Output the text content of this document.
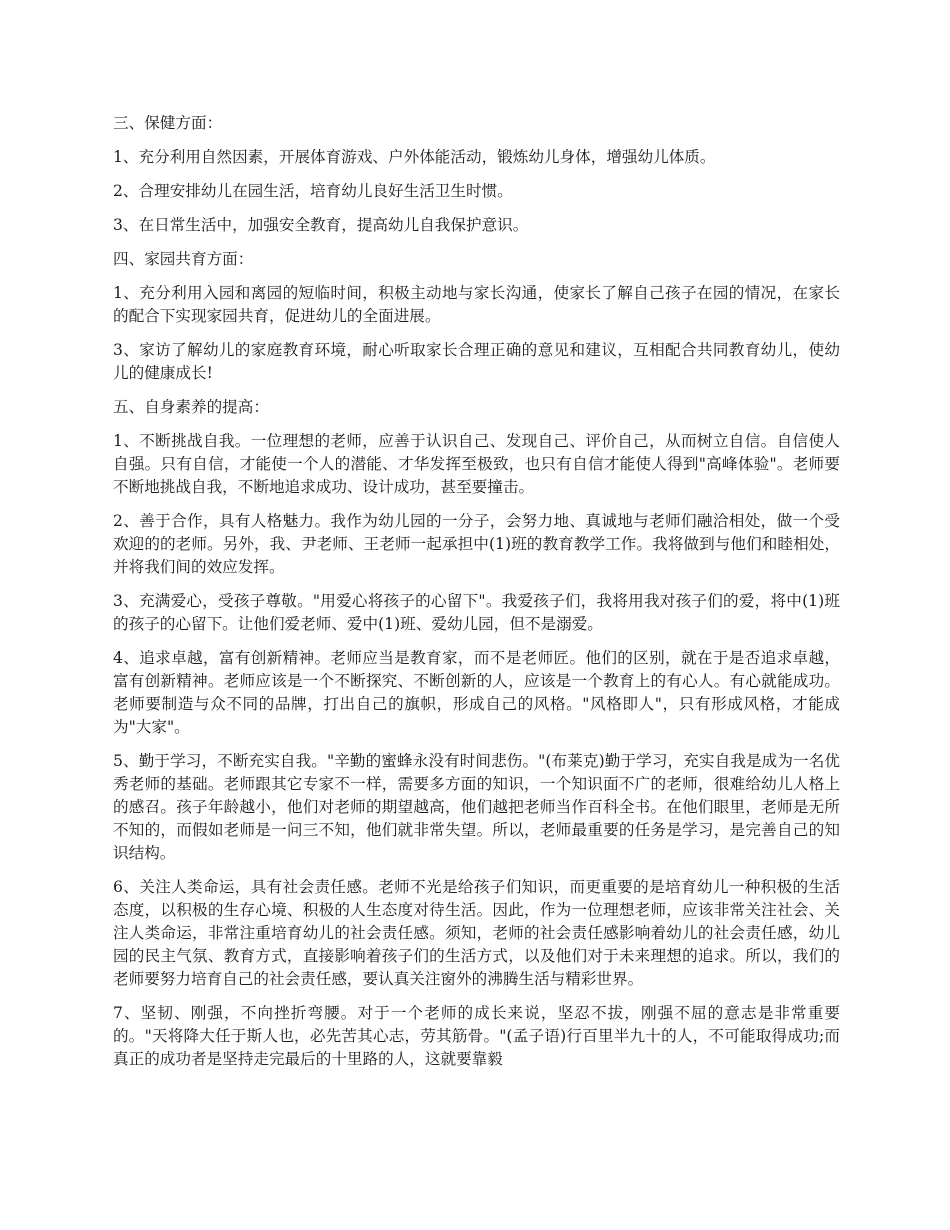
三、保健方面：

1、充分利用自然因素，开展体育游戏、户外体能活动，锻炼幼儿身体，增强幼儿体质。

2、合理安排幼儿在园生活，培育幼儿良好生活卫生时惯。

3、在日常生活中，加强安全教育，提高幼儿自我保护意识。

四、家园共育方面：

1、充分利用入园和离园的短临时间，积极主动地与家长沟通，使家长了解自己孩子在园的情况，在家长的配合下实现家园共育，促进幼儿的全面进展。

3、家访了解幼儿的家庭教育环境，耐心听取家长合理正确的意见和建议，互相配合共同教育幼儿，使幼儿的健康成长!

五、自身素养的提高：

1、不断挑战自我。一位理想的老师，应善于认识自己、发现自己、评价自己，从而树立自信。自信使人自强。只有自信，才能使一个人的潜能、才华发挥至极致，也只有自信才能使人得到"高峰体验"。老师要不断地挑战自我，不断地追求成功、设计成功，甚至要撞击。

2、善于合作，具有人格魅力。我作为幼儿园的一分子，会努力地、真诚地与老师们融洽相处，做一个受欢迎的的老师。另外，我、尹老师、王老师一起承担中(1)班的教育教学工作。我将做到与他们和睦相处，并将我们间的效应发挥。

3、充满爱心，受孩子尊敬。"用爱心将孩子的心留下"。我爱孩子们，我将用我对孩子们的爱，将中(1)班的孩子的心留下。让他们爱老师、爱中(1)班、爱幼儿园，但不是溺爱。

4、追求卓越，富有创新精神。老师应当是教育家，而不是老师匠。他们的区别，就在于是否追求卓越，富有创新精神。老师应该是一个不断探究、不断创新的人，应该是一个教育上的有心人。有心就能成功。老师要制造与众不同的品牌，打出自己的旗帜，形成自己的风格。"风格即人"，只有形成风格，才能成为"大家"。

5、勤于学习，不断充实自我。"辛勤的蜜蜂永没有时间悲伤。"(布莱克)勤于学习，充实自我是成为一名优秀老师的基础。老师跟其它专家不一样，需要多方面的知识，一个知识面不广的老师，很难给幼儿人格上的感召。孩子年龄越小，他们对老师的期望越高，他们越把老师当作百科全书。在他们眼里，老师是无所不知的，而假如老师是一问三不知，他们就非常失望。所以，老师最重要的任务是学习，是完善自己的知识结构。

6、关注人类命运，具有社会责任感。老师不光是给孩子们知识，而更重要的是培育幼儿一种积极的生活态度，以积极的生存心境、积极的人生态度对待生活。因此，作为一位理想老师，应该非常关注社会、关注人类命运，非常注重培育幼儿的社会责任感。须知，老师的社会责任感影响着幼儿的社会责任感，幼儿园的民主气氛、教育方式，直接影响着孩子们的生活方式，以及他们对于未来理想的追求。所以，我们的老师要努力培育自己的社会责任感，要认真关注窗外的沸腾生活与精彩世界。

7、坚韧、刚强，不向挫折弯腰。对于一个老师的成长来说，坚忍不拔，刚强不屈的意志是非常重要的。"天将降大任于斯人也，必先苦其心志，劳其筋骨。"(孟子语)行百里半九十的人，不可能取得成功;而真正的成功者是坚持走完最后的十里路的人，这就要靠毅
